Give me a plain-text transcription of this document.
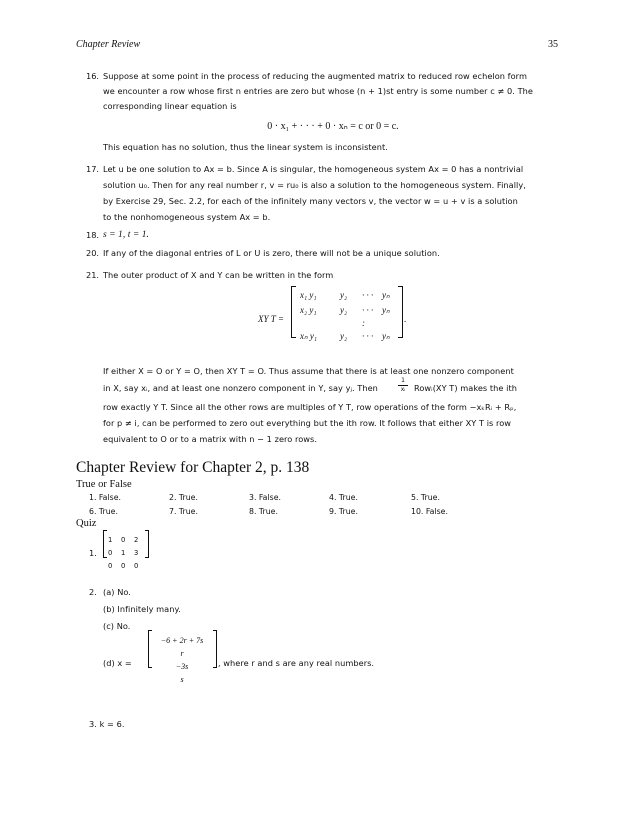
Chapter Review	35
16. Suppose at some point in the process of reducing the augmented matrix to reduced row echelon form
we encounter a row whose first n entries are zero but whose (n + 1)st entry is some number c ≠ 0. The
corresponding linear equation is
0 · x₁ + · · · + 0 · xₙ = c or 0 = c.
This equation has no solution, thus the linear system is inconsistent.
17. Let u be one solution to Ax = b. Since A is singular, the homogeneous system Ax = 0 has a nontrivial
solution u₀. Then for any real number r, v = ru₀ is also a solution to the homogeneous system. Finally,
by Exercise 29, Sec. 2.2, for each of the infinitely many vectors v, the vector w = u + v is a solution
to the nonhomogeneous system Ax = b.
18. s = 1, t = 1.
20. If any of the diagonal entries of L or U is zero, there will not be a unique solution.
21. The outer product of X and Y can be written in the form
XY T =
x₁ y₁	y₂ · · · yₙ
x₂ y₁	y₂ · · · yₙ
:
xₙ y₁	y₂ · · · yₙ
.
If either X = O or Y = O, then XY T = O. Thus assume that there is at least one nonzero component
in X, say xᵢ, and at least one nonzero component in Y, say yⱼ. Then
1
xᵢ	Rowᵢ(XY T) makes the ith
row exactly Y T. Since all the other rows are multiples of Y T, row operations of the form −xₖRᵢ + Rₚ,
for p ≠ i, can be performed to zero out everything but the ith row. It follows that either XY T is row
equivalent to O or to a matrix with n − 1 zero rows.
Chapter Review for Chapter 2, p. 138
True or False
1. False.	2. True.	3. False.	4. True.	5. True.
6. True.	7. True.	8. True.	9. True.	10. False.
Quiz
1.
1 0 2
0 1 3
0 0 0
2. (a) No.
(b) Infinitely many.
(c) No.
(d) x =
−6 + 2r + 7s
r
−3s
s
, where r and s are any real numbers.
3. k = 6.
